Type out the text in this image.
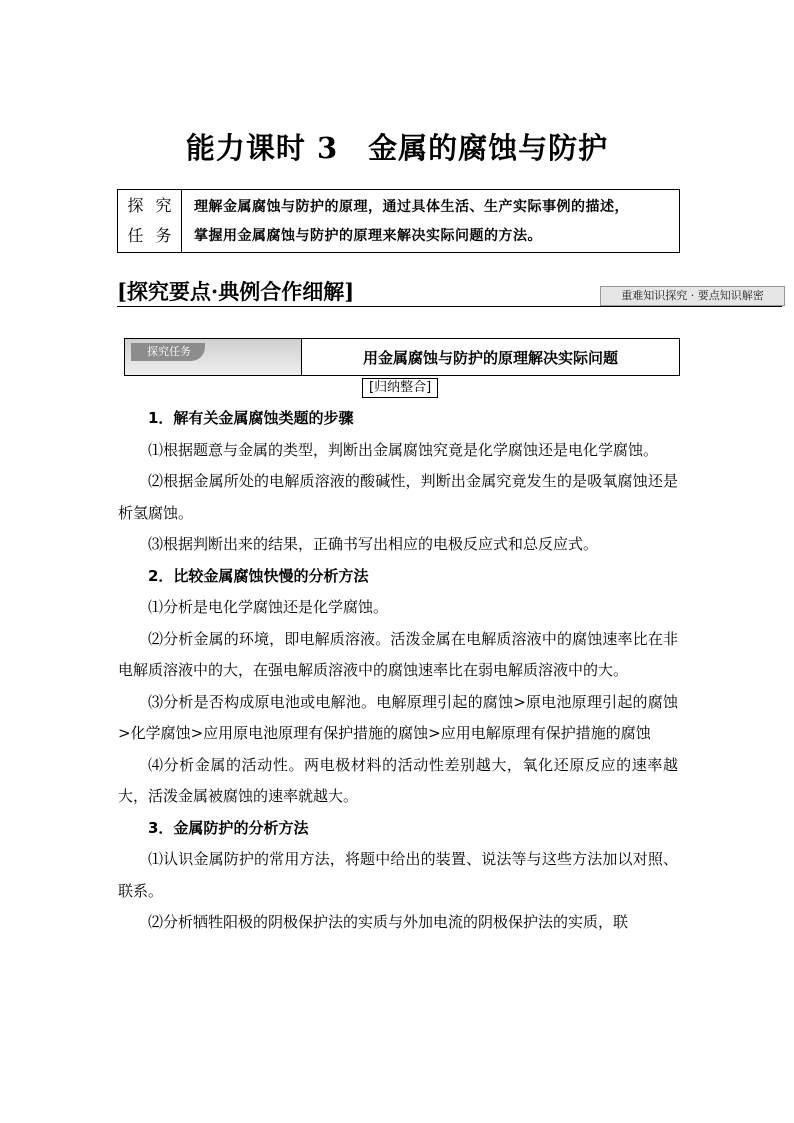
能力课时 3　金属的腐蚀与防护
探究
任务
理解金属腐蚀与防护的原理，通过具体生活、生产实际事例的描述，
掌握用金属腐蚀与防护的原理来解决实际问题的方法。
[探究要点·典例合作细解]	重难知识探究 · 要点知识解密
探究任务	用金属腐蚀与防护的原理解决实际问题
[归纳整合]

1．解有关金属腐蚀类题的步骤

⑴根据题意与金属的类型，判断出金属腐蚀究竟是化学腐蚀还是电化学腐蚀。

⑵根据金属所处的电解质溶液的酸碱性，判断出金属究竟发生的是吸氧腐蚀还是析氢腐蚀。

⑶根据判断出来的结果，正确书写出相应的电极反应式和总反应式。

2．比较金属腐蚀快慢的分析方法

⑴分析是电化学腐蚀还是化学腐蚀。

⑵分析金属的环境，即电解质溶液。活泼金属在电解质溶液中的腐蚀速率比在非电解质溶液中的大，在强电解质溶液中的腐蚀速率比在弱电解质溶液中的大。

⑶分析是否构成原电池或电解池。电解原理引起的腐蚀>原电池原理引起的腐蚀>化学腐蚀>应用原电池原理有保护措施的腐蚀>应用电解原理有保护措施的腐蚀

⑷分析金属的活动性。两电极材料的活动性差别越大，氧化还原反应的速率越大，活泼金属被腐蚀的速率就越大。

3．金属防护的分析方法

⑴认识金属防护的常用方法，将题中给出的装置、说法等与这些方法加以对照、联系。

⑵分析牺牲阳极的阴极保护法的实质与外加电流的阴极保护法的实质，联
